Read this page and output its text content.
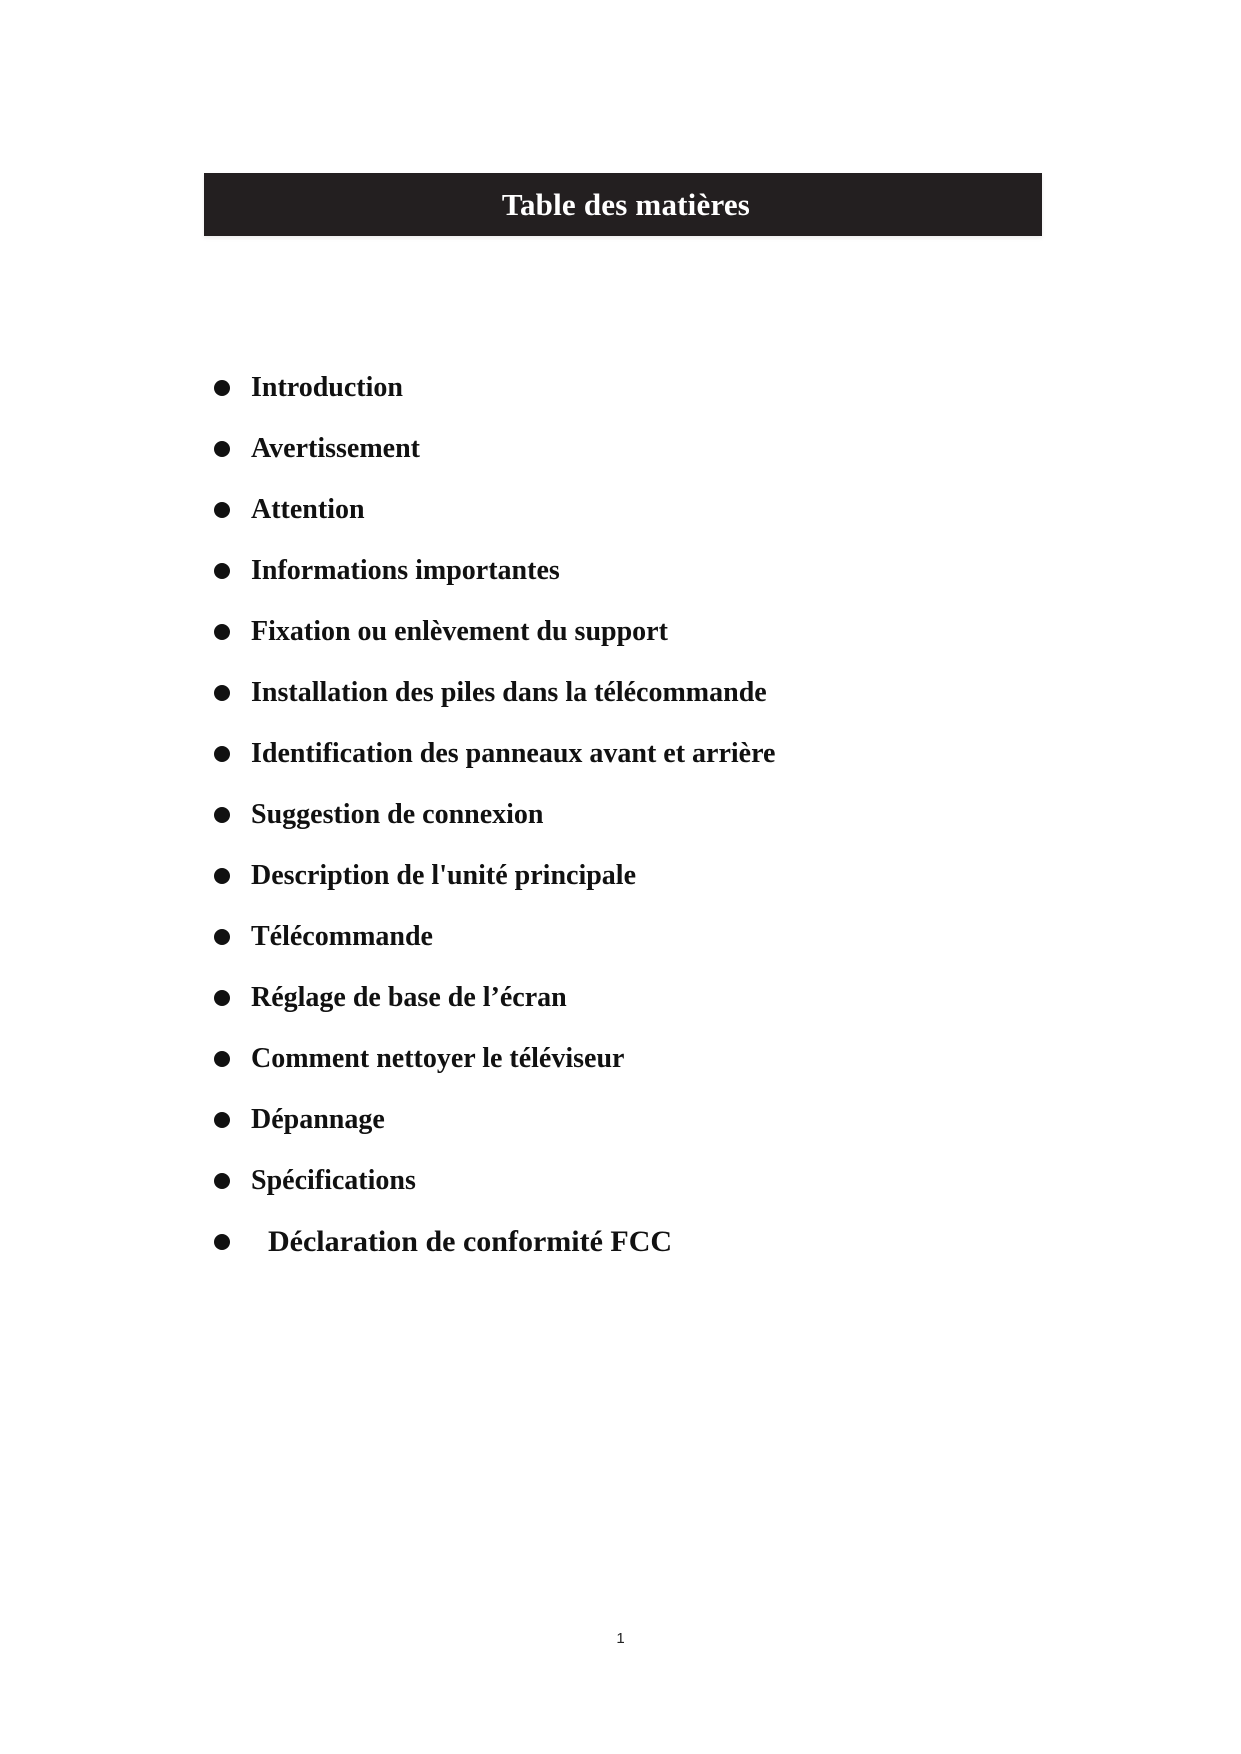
Table des matières
Introduction
Avertissement
Attention
Informations importantes
Fixation ou enlèvement du support
Installation des piles dans la télécommande
Identification des panneaux avant et arrière
Suggestion de connexion
Description de l'unité principale
Télécommande
Réglage de base de l’écran
Comment nettoyer le téléviseur
Dépannage
Spécifications
Déclaration de conformité FCC
1
